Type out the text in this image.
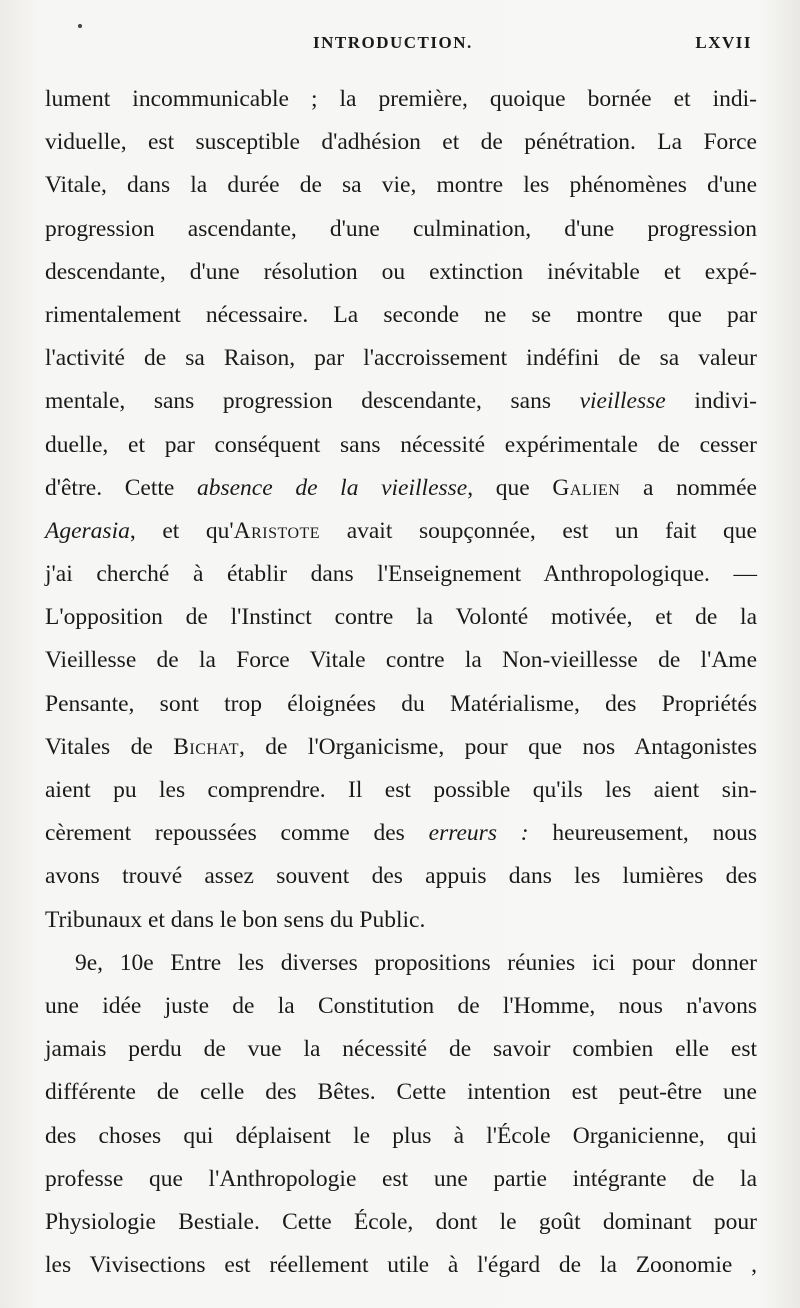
INTRODUCTION.	LXVII
lument incommunicable ; la première, quoique bornée et indi-
viduelle, est susceptible d'adhésion et de pénétration. La Force
Vitale, dans la durée de sa vie, montre les phénomènes d'une
progression ascendante, d'une culmination, d'une progression
descendante, d'une résolution ou extinction inévitable et expé-
rimentalement nécessaire. La seconde ne se montre que par
l'activité de sa Raison, par l'accroissement indéfini de sa valeur
mentale, sans progression descendante, sans vieillesse indivi-
duelle, et par conséquent sans nécessité expérimentale de cesser
d'être. Cette absence de la vieillesse, que Galien a nommée
Agerasia, et qu'Aristote avait soupçonnée, est un fait que
j'ai cherché à établir dans l'Enseignement Anthropologique. —
L'opposition de l'Instinct contre la Volonté motivée, et de la
Vieillesse de la Force Vitale contre la Non-vieillesse de l'Ame
Pensante, sont trop éloignées du Matérialisme, des Propriétés
Vitales de Bichat, de l'Organicisme, pour que nos Antagonistes
aient pu les comprendre. Il est possible qu'ils les aient sin-
cèrement repoussées comme des erreurs : heureusement, nous
avons trouvé assez souvent des appuis dans les lumières des
Tribunaux et dans le bon sens du Public.
9e, 10e Entre les diverses propositions réunies ici pour donner
une idée juste de la Constitution de l'Homme, nous n'avons
jamais perdu de vue la nécessité de savoir combien elle est
différente de celle des Bêtes. Cette intention est peut-être une
des choses qui déplaisent le plus à l'École Organicienne, qui
professe que l'Anthropologie est une partie intégrante de la
Physiologie Bestiale. Cette École, dont le goût dominant pour
les Vivisections est réellement utile à l'égard de la Zoonomie ,
